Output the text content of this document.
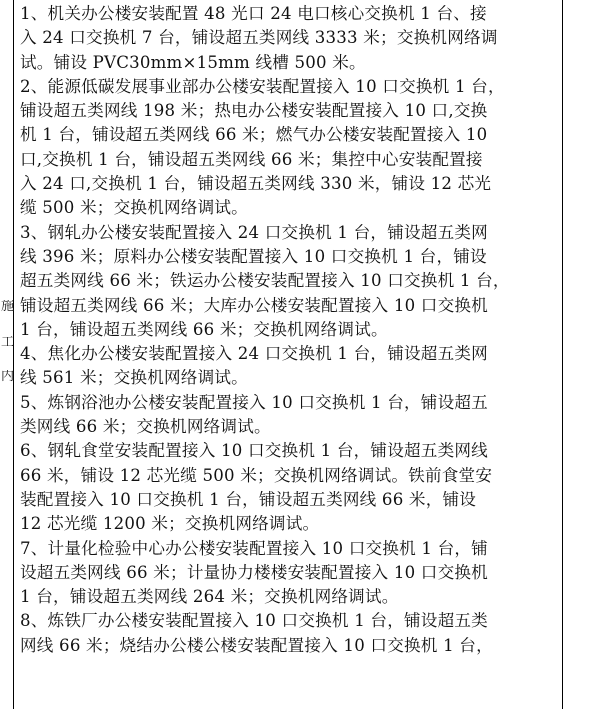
施
工
内
1、机关办公楼安装配置 48 光口 24 电口核心交换机 1 台、接
入 24 口交换机 7 台，铺设超五类网线 3333 米；交换机网络调
试。铺设 PVC30mm×15mm 线槽 500 米。
2、能源低碳发展事业部办公楼安装配置接入 10 口交换机 1 台，
铺设超五类网线 198 米；热电办公楼安装配置接入 10 口,交换
机 1 台，铺设超五类网线 66 米；燃气办公楼安装配置接入 10
口,交换机 1 台，铺设超五类网线 66 米；集控中心安装配置接
入 24 口,交换机 1 台，铺设超五类网线 330 米，铺设 12 芯光
缆 500 米；交换机网络调试。
3、钢轧办公楼安装配置接入 24 口交换机 1 台，铺设超五类网
线 396 米；原料办公楼安装配置接入 10 口交换机 1 台，铺设
超五类网线 66 米；铁运办公楼安装配置接入 10 口交换机 1 台，
铺设超五类网线 66 米；大库办公楼安装配置接入 10 口交换机
1 台，铺设超五类网线 66 米；交换机网络调试。
4、焦化办公楼安装配置接入 24 口交换机 1 台，铺设超五类网
线 561 米；交换机网络调试。
5、炼钢浴池办公楼安装配置接入 10 口交换机 1 台，铺设超五
类网线 66 米；交换机网络调试。
6、钢轧食堂安装配置接入 10 口交换机 1 台，铺设超五类网线
66 米，铺设 12 芯光缆 500 米；交换机网络调试。铁前食堂安
装配置接入 10 口交换机 1 台，铺设超五类网线 66 米，铺设
12 芯光缆 1200 米；交换机网络调试。
7、计量化检验中心办公楼安装配置接入 10 口交换机 1 台，铺
设超五类网线 66 米；计量协力楼楼安装配置接入 10 口交换机
1 台，铺设超五类网线 264 米；交换机网络调试。
8、炼铁厂办公楼安装配置接入 10 口交换机 1 台，铺设超五类
网线 66 米；烧结办公楼公楼安装配置接入 10 口交换机 1 台，
